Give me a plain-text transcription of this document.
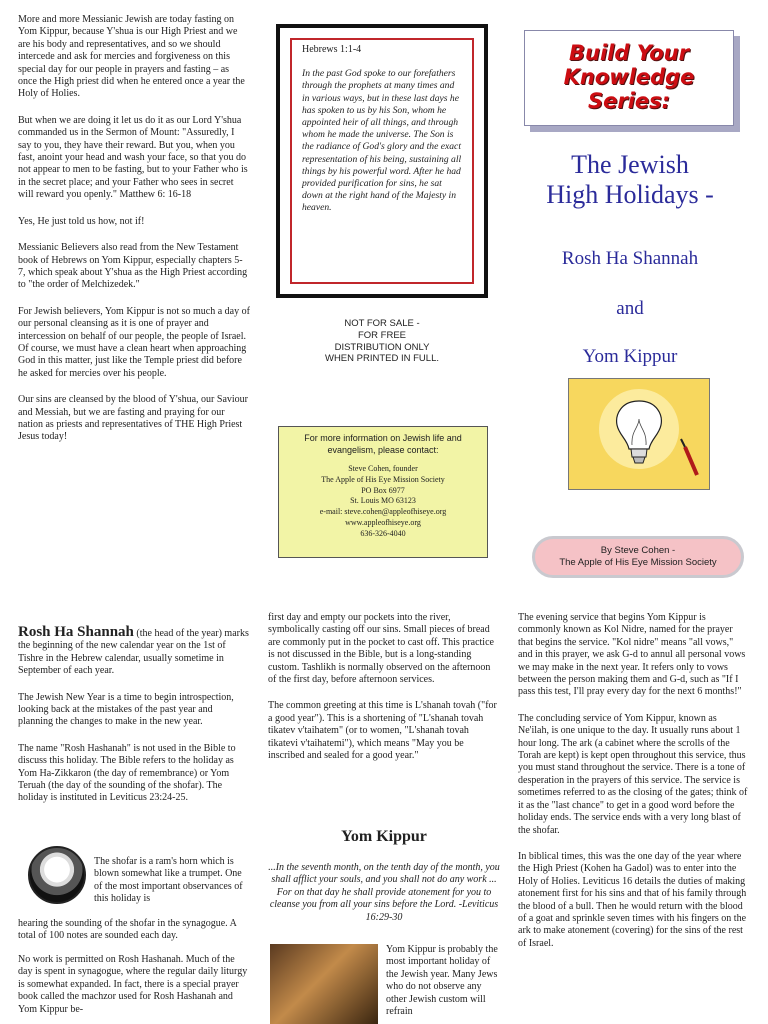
More and more Messianic Jewish are today fasting on Yom Kippur, because Y'shua is our High Priest and we are his body and representatives, and so we should intercede and ask for mercies and forgiveness on this special day for our people in prayers and fasting – as once the High priest did when he entered once a year the Holy of Holies.

But when we are doing it let us do it as our Lord Y'shua commanded us in the Sermon of Mount: "Assuredly, I say to you, they have their reward. But you, when you fast, anoint your head and wash your face, so that you do not appear to men to be fasting, but to your Father who is in the secret place; and your Father who sees in secret will reward you openly." Matthew 6: 16-18

Yes, He just told us how, not if!

Messianic Believers also read from the New Testament book of Hebrews on Yom Kippur, especially chapters 5-7, which speak about Y'shua as the High Priest according to "the order of Melchizedek."

For Jewish believers, Yom Kippur is not so much a day of our personal cleansing as it is one of prayer and intercession on behalf of our people, the people of Israel. Of course, we must have a clean heart when approaching God in this matter, just like the Temple priest did before he asked for mercies over his people.

Our sins are cleansed by the blood of Y'shua, our Saviour and Messiah, but we are fasting and praying for our nation as priests and representatives of THE High Priest Jesus today!

Hebrews 1:1-4
In the past God spoke to our forefathers through the prophets at many times and in various ways, but in these last days he has spoken to us by his Son, whom he appointed heir of all things, and through whom he made the universe. The Son is the radiance of God's glory and the exact representation of his being, sustaining all things by his powerful word. After he had provided purification for sins, he sat down at the right hand of the Majesty in heaven.
NOT FOR SALE -
FOR FREE
DISTRIBUTION ONLY
WHEN PRINTED IN FULL.
For more information on Jewish life and evangelism, please contact:
Steve Cohen, founder
The Apple of His Eye Mission Society
PO Box 6977
St. Louis MO 63123
e-mail: steve.cohen@appleofhiseye.org
www.appleofhiseye.org
636-326-4040
Build Your
Knowledge
Series:
The Jewish
High Holidays -
Rosh Ha Shannah
and
Yom Kippur
By Steve Cohen -
The Apple of His Eye Mission Society

Rosh Ha Shannah (the head of the year) marks the beginning of the new calendar year on the 1st of Tishre in the Hebrew calendar, usually sometime in September of each year.

The Jewish New Year is a time to begin introspection, looking back at the mistakes of the past year and planning the changes to make in the new year.

The name "Rosh Hashanah" is not used in the Bible to discuss this holiday. The Bible refers to the holiday as Yom Ha-Zikkaron (the day of remembrance) or Yom Teruah (the day of the sounding of the shofar). The holiday is instituted in Leviticus 23:24-25.

The shofar is a ram's horn which is blown somewhat like a trumpet. One of the most important observances of this holiday is
hearing the sounding of the shofar in the synagogue. A total of 100 notes are sounded each day.
No work is permitted on Rosh Hashanah. Much of the day is spent in synagogue, where the regular daily liturgy is somewhat expanded. In fact, there is a special prayer book called the machzor used for Rosh Hashanah and Yom Kippur be-

first day and empty our pockets into the river, symbolically casting off our sins. Small pieces of bread are commonly put in the pocket to cast off. This practice is not discussed in the Bible, but is a long-standing custom. Tashlikh is normally observed on the afternoon of the first day, before afternoon services.

The common greeting at this time is L'shanah tovah ("for a good year"). This is a shortening of "L'shanah tovah tikatev v'taihatem" (or to women, "L'shanah tovah tikatevi v'taihatemi"), which means "May you be inscribed and sealed for a good year."

Yom Kippur
...In the seventh month, on the tenth day of the month, you shall afflict your souls, and you shall not do any work ... For on that day he shall provide atonement for you to cleanse you from all your sins before the Lord. -Leviticus 16:29-30
Yom Kippur is probably the most important holiday of the Jewish year. Many Jews who do not observe any other Jewish custom will refrain

The evening service that begins Yom Kippur is commonly known as Kol Nidre, named for the prayer that begins the service. "Kol nidre" means "all vows," and in this prayer, we ask G-d to annul all personal vows we may make in the next year. It refers only to vows between the person making them and G-d, such as "If I pass this test, I'll pray every day for the next 6 months!"

The concluding service of Yom Kippur, known as Ne'ilah, is one unique to the day. It usually runs about 1 hour long. The ark (a cabinet where the scrolls of the Torah are kept) is kept open throughout this service, thus you must stand throughout the service. There is a tone of desperation in the prayers of this service. The service is sometimes referred to as the closing of the gates; think of it as the "last chance" to get in a good word before the holiday ends. The service ends with a very long blast of the shofar.

In biblical times, this was the one day of the year where the High Priest (Kohen ha Gadol) was to enter into the Holy of Holies. Leviticus 16 details the duties of making atonement first for his sins and that of his family through the blood of a bull. Then he would return with the blood of a goat and sprinkle seven times with his fingers on the ark to make atonement (covering) for the sins of the rest of Israel.
